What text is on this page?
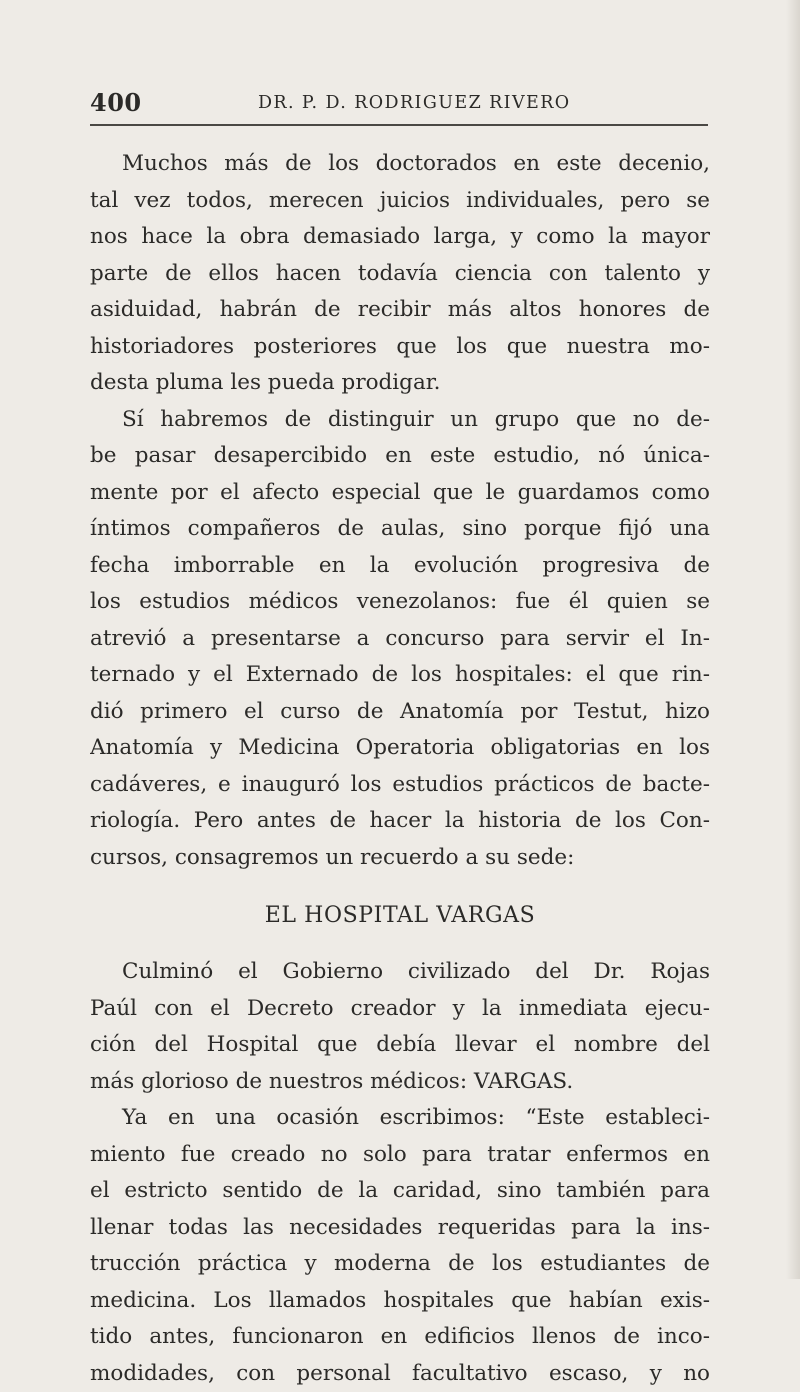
400	DR. P. D. RODRIGUEZ RIVERO
Muchos más de los doctorados en este decenio,
tal vez todos, merecen juicios individuales, pero se
nos hace la obra demasiado larga, y como la mayor
parte de ellos hacen todavía ciencia con talento y
asiduidad, habrán de recibir más altos honores de
historiadores posteriores que los que nuestra mo-
desta pluma les pueda prodigar.
Sí habremos de distinguir un grupo que no de-
be pasar desapercibido en este estudio, nó única-
mente por el afecto especial que le guardamos como
íntimos compañeros de aulas, sino porque fijó una
fecha imborrable en la evolución progresiva de
los estudios médicos venezolanos: fue él quien se
atrevió a presentarse a concurso para servir el In-
ternado y el Externado de los hospitales: el que rin-
dió primero el curso de Anatomía por Testut, hizo
Anatomía y Medicina Operatoria obligatorias en los
cadáveres, e inauguró los estudios prácticos de bacte-
riología. Pero antes de hacer la historia de los Con-
cursos, consagremos un recuerdo a su sede:
EL HOSPITAL VARGAS
Culminó el Gobierno civilizado del Dr. Rojas
Paúl con el Decreto creador y la inmediata ejecu-
ción del Hospital que debía llevar el nombre del
más glorioso de nuestros médicos: VARGAS.
Ya en una ocasión escribimos: “Este estableci-
miento fue creado no solo para tratar enfermos en
el estricto sentido de la caridad, sino también para
llenar todas las necesidades requeridas para la ins-
trucción práctica y moderna de los estudiantes de
medicina. Los llamados hospitales que habían exis-
tido antes, funcionaron en edificios llenos de inco-
modidades, con personal facultativo escaso, y no
